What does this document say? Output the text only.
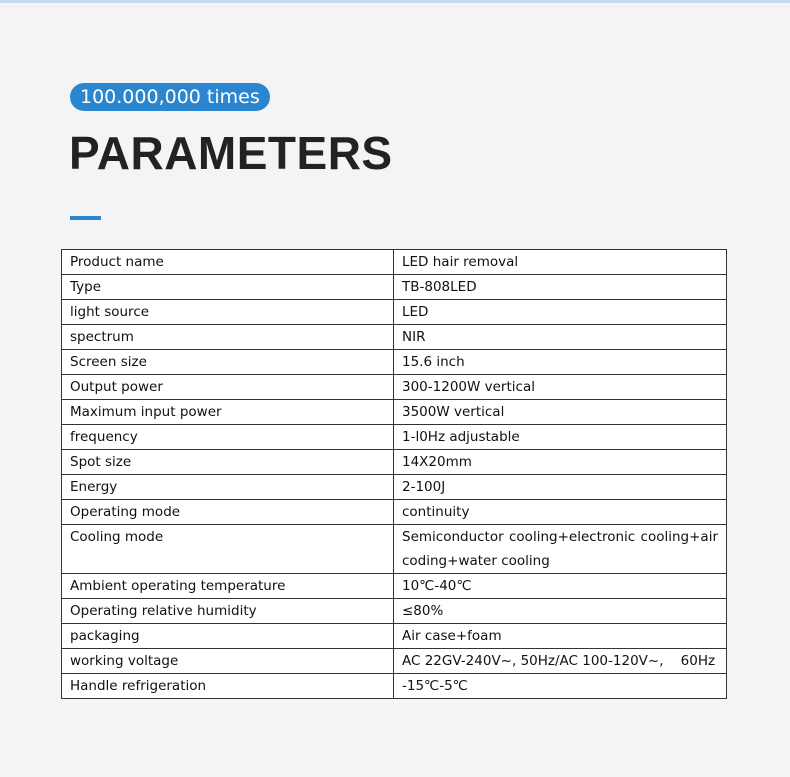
100.000,000 times
PARAMETERS
Product name	LED hair removal
Type	TB-808LED
light source	LED
spectrum	NIR
Screen size	15.6 inch
Output power	300-1200W vertical
Maximum input power	3500W vertical
frequency	1-l0Hz adjustable
Spot size	14X20mm
Energy	2-100J
Operating mode	continuity
Cooling mode	Semiconductor cooling+electronic cooling+air coding+water cooling
Ambient operating temperature	10℃-40℃
Operating relative humidity	≤80%
packaging	Air case+foam
working voltage	AC 22GV-240V~, 50Hz/AC 100-120V~,    60Hz
Handle refrigeration	-15℃-5℃
